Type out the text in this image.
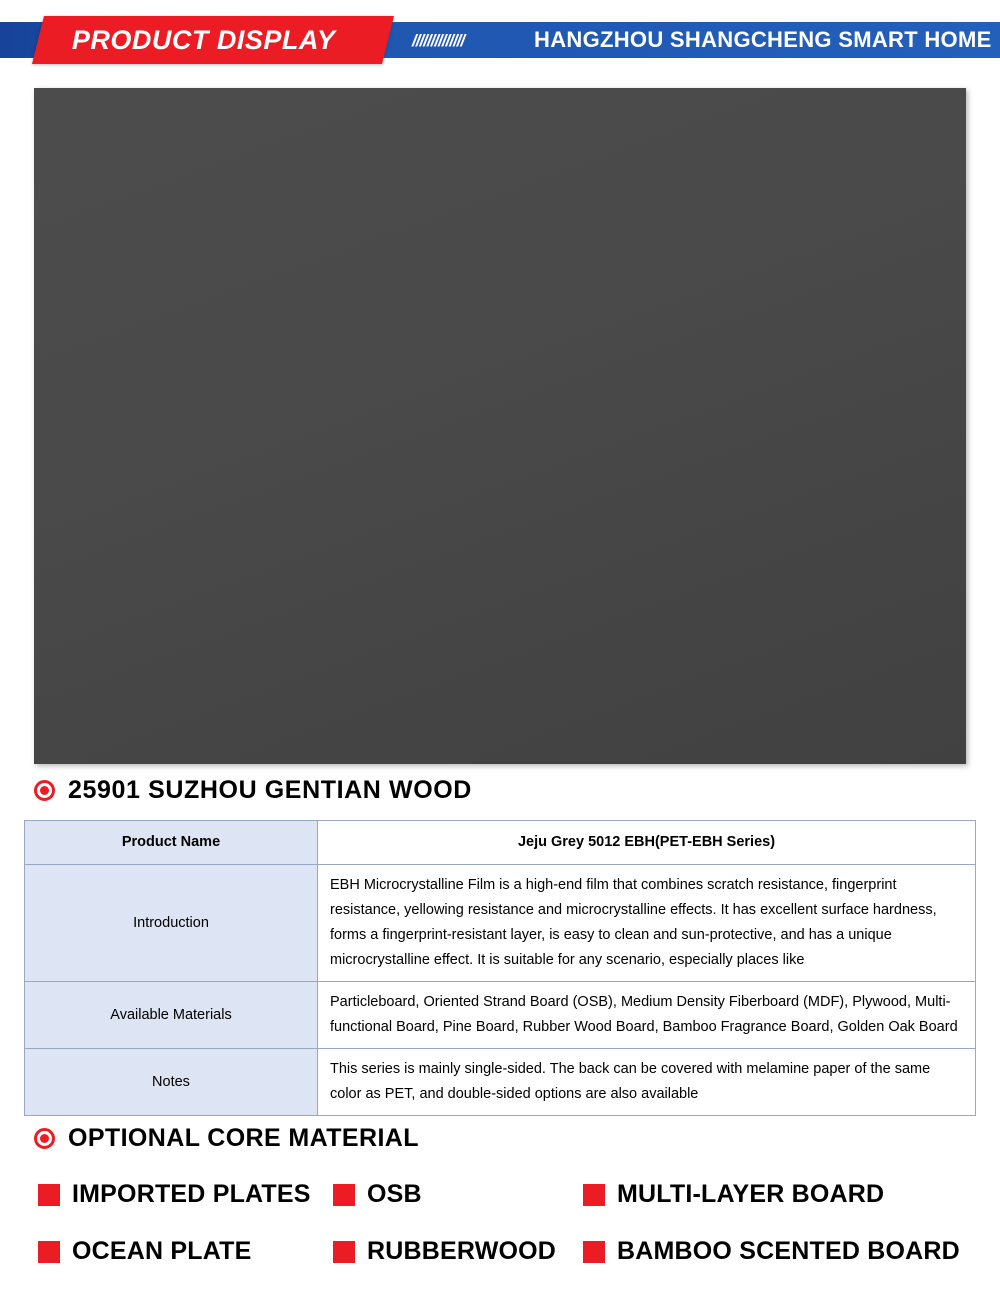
PRODUCT DISPLAY	//////////////	HANGZHOU SHANGCHENG SMART HOME
25901 SUZHOU GENTIAN WOOD
Product Name	Jeju Grey 5012 EBH(PET-EBH Series)
Introduction	EBH Microcrystalline Film is a high-end film that combines scratch resistance, fingerprint resistance, yellowing resistance and microcrystalline effects. It has excellent surface hardness, forms a fingerprint-resistant layer, is easy to clean and sun-protective, and has a unique microcrystalline effect. It is suitable for any scenario, especially places like
Available Materials	Particleboard, Oriented Strand Board (OSB), Medium Density Fiberboard (MDF), Plywood, Multi-functional Board, Pine Board, Rubber Wood Board, Bamboo Fragrance Board, Golden Oak Board
Notes	This series is mainly single-sided. The back can be covered with melamine paper of the same color as PET, and double-sided options are also available
OPTIONAL CORE MATERIAL
IMPORTED PLATES OSB	MULTI-LAYER BOARD
OCEAN PLATE	RUBBERWOOD BAMBOO SCENTED BOARD
